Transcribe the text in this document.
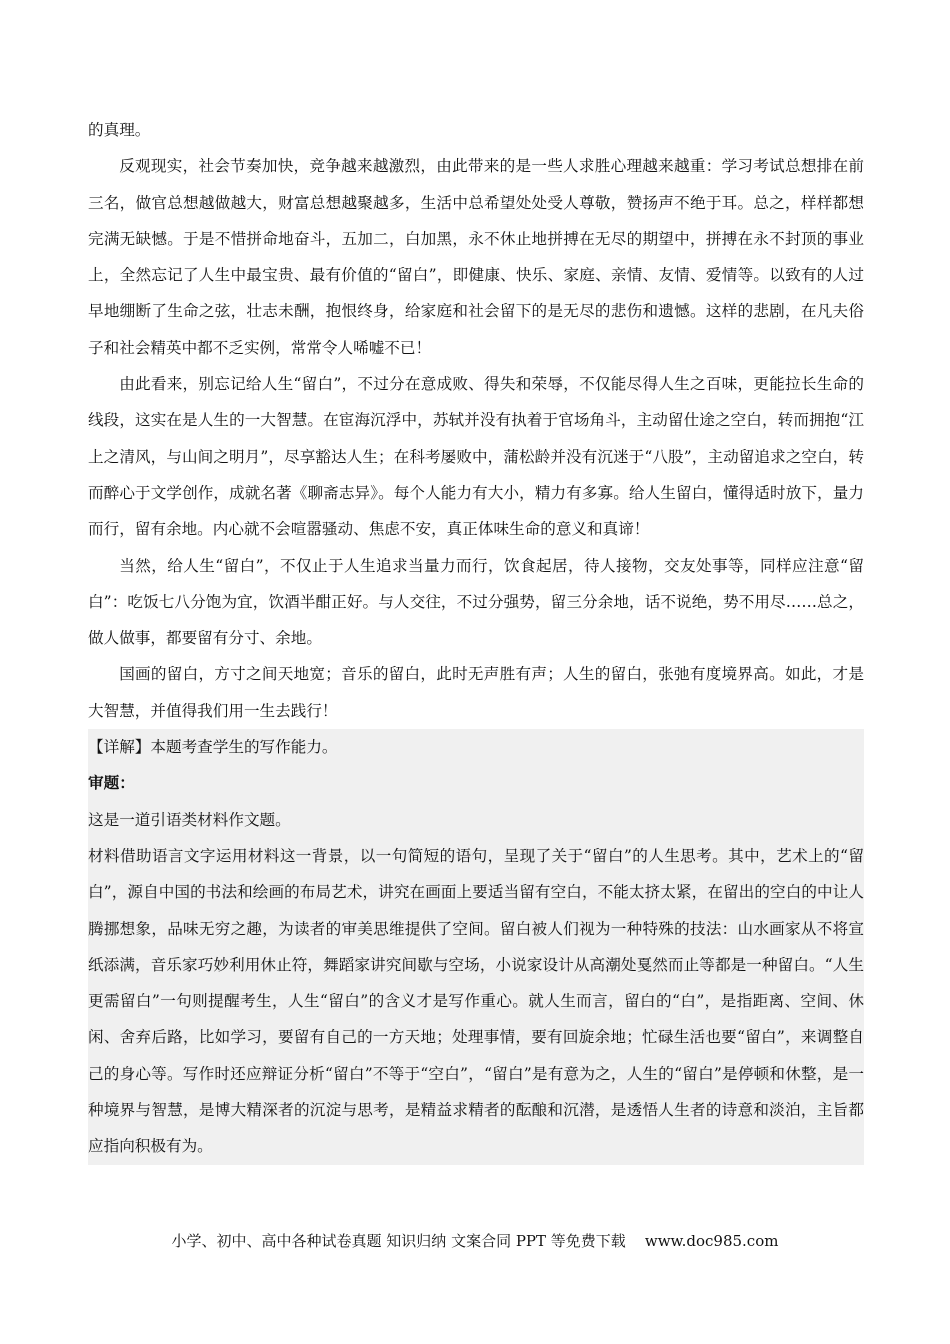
的真理。

反观现实，社会节奏加快，竞争越来越激烈，由此带来的是一些人求胜心理越来越重：学习考试总想排在前三名，做官总想越做越大，财富总想越聚越多，生活中总希望处处受人尊敬，赞扬声不绝于耳。总之，样样都想完满无缺憾。于是不惜拼命地奋斗，五加二，白加黑，永不休止地拼搏在无尽的期望中，拼搏在永不封顶的事业上，全然忘记了人生中最宝贵、最有价值的“留白”，即健康、快乐、家庭、亲情、友情、爱情等。以致有的人过早地绷断了生命之弦，壮志未酬，抱恨终身，给家庭和社会留下的是无尽的悲伤和遗憾。这样的悲剧，在凡夫俗子和社会精英中都不乏实例，常常令人唏嘘不已！

由此看来，别忘记给人生“留白”，不过分在意成败、得失和荣辱，不仅能尽得人生之百味，更能拉长生命的线段，这实在是人生的一大智慧。在宦海沉浮中，苏轼并没有执着于官场角斗，主动留仕途之空白，转而拥抱“江上之清风，与山间之明月”，尽享豁达人生；在科考屡败中，蒲松龄并没有沉迷于“八股”，主动留追求之空白，转而醉心于文学创作，成就名著《聊斋志异》。每个人能力有大小，精力有多寡。给人生留白，懂得适时放下，量力而行，留有余地。内心就不会喧嚣骚动、焦虑不安，真正体味生命的意义和真谛！

当然，给人生“留白”，不仅止于人生追求当量力而行，饮食起居，待人接物，交友处事等，同样应注意“留白”：吃饭七八分饱为宜，饮酒半酣正好。与人交往，不过分强势，留三分余地，话不说绝，势不用尽……总之，做人做事，都要留有分寸、余地。

国画的留白，方寸之间天地宽；音乐的留白，此时无声胜有声；人生的留白，张弛有度境界高。如此，才是大智慧，并值得我们用一生去践行！

【详解】本题考查学生的写作能力。

审题：

这是一道引语类材料作文题。

材料借助语言文字运用材料这一背景，以一句简短的语句，呈现了关于“留白”的人生思考。其中，艺术上的“留白”，源自中国的书法和绘画的布局艺术，讲究在画面上要适当留有空白，不能太挤太紧，在留出的空白的中让人腾挪想象，品味无穷之趣，为读者的审美思维提供了空间。留白被人们视为一种特殊的技法：山水画家从不将宣纸添满，音乐家巧妙利用休止符，舞蹈家讲究间歇与空场，小说家设计从高潮处戛然而止等都是一种留白。“人生更需留白”一句则提醒考生，人生“留白”的含义才是写作重心。就人生而言，留白的“白”，是指距离、空间、休闲、舍弃后路，比如学习，要留有自己的一方天地；处理事情，要有回旋余地；忙碌生活也要“留白”，来调整自己的身心等。写作时还应辩证分析“留白”不等于“空白”，“留白”是有意为之，人生的“留白”是停顿和休整，是一种境界与智慧，是博大精深者的沉淀与思考，是精益求精者的酝酿和沉潜，是透悟人生者的诗意和淡泊，主旨都应指向积极有为。

小学、初中、高中各种试卷真题 知识归纳 文案合同 PPT 等免费下载    www.doc985.com
